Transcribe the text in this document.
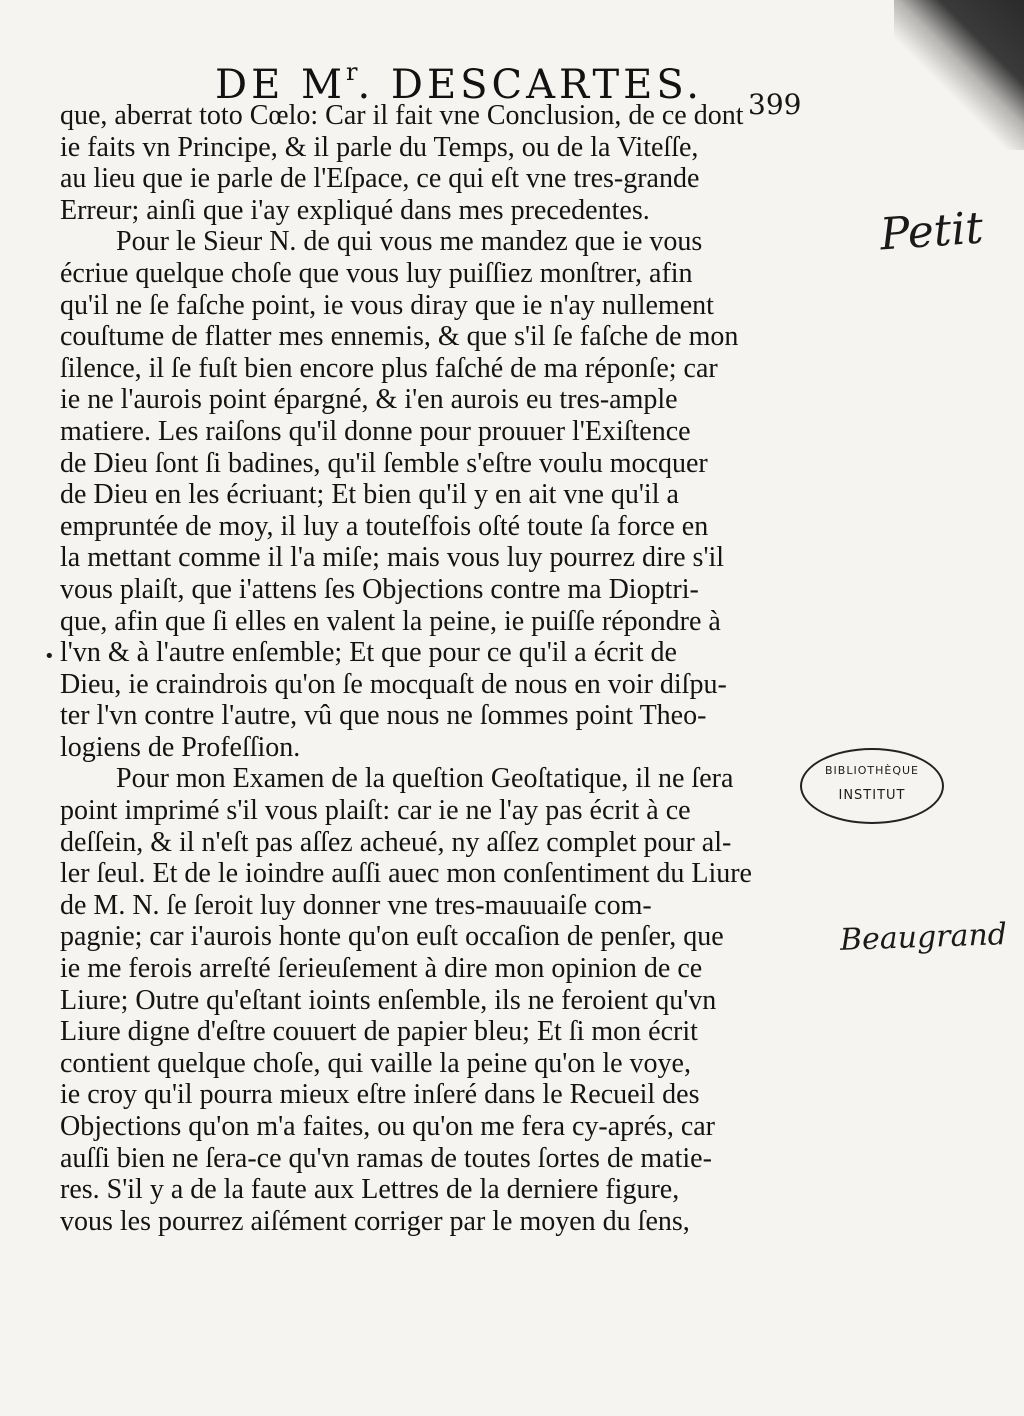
DE $M^r$. DESCARTES. 399
que, aberrat toto Cœlo: Car il fait vne Conclusion, de ce dont
ie faits vn Principe, & il parle du Temps, ou de la Viteſſe,
au lieu que ie parle de l'Eſpace, ce qui eſt vne tres-grande
Erreur; ainſi que i'ay expliqué dans mes precedentes.
Pour le Sieur N. de qui vous me mandez que ie vous
écriue quelque choſe que vous luy puiſſiez monſtrer, afin
qu'il ne ſe faſche point, ie vous diray que ie n'ay nullement
couſtume de flatter mes ennemis, & que s'il ſe faſche de mon
ſilence, il ſe fuſt bien encore plus faſché de ma réponſe; car
ie ne l'aurois point épargné, & i'en aurois eu tres-ample
matiere. Les raiſons qu'il donne pour prouuer l'Exiſtence
de Dieu ſont ſi badines, qu'il ſemble s'eſtre voulu mocquer
de Dieu en les écriuant; Et bien qu'il y en ait vne qu'il a
empruntée de moy, il luy a touteſfois oſté toute ſa force en
la mettant comme il l'a miſe; mais vous luy pourrez dire s'il
vous plaiſt, que i'attens ſes Objections contre ma Dioptri-
que, afin que ſi elles en valent la peine, ie puiſſe répondre à
l'vn & à l'autre enſemble; Et que pour ce qu'il a écrit de
Dieu, ie craindrois qu'on ſe mocquaſt de nous en voir diſpu-
ter l'vn contre l'autre, vû que nous ne ſommes point Theo-
logiens de Profeſſion.
Pour mon Examen de la queſtion Geoſtatique, il ne ſera
point imprimé s'il vous plaiſt: car ie ne l'ay pas écrit à ce
deſſein, & il n'eſt pas aſſez acheué, ny aſſez complet pour al-
ler ſeul. Et de le ioindre auſſi auec mon conſentiment du Liure
de M. N. ſe ſeroit luy donner vne tres-mauuaiſe com-
pagnie; car i'aurois honte qu'on euſt occaſion de penſer, que
ie me ferois arreſté ſerieuſement à dire mon opinion de ce
Liure; Outre qu'eſtant ioints enſemble, ils ne feroient qu'vn
Liure digne d'eſtre couuert de papier bleu; Et ſi mon écrit
contient quelque choſe, qui vaille la peine qu'on le voye,
ie croy qu'il pourra mieux eſtre inſeré dans le Recueil des
Objections qu'on m'a faites, ou qu'on me fera cy-aprés, car
auſſi bien ne ſera-ce qu'vn ramas de toutes ſortes de matie-
res. S'il y a de la faute aux Lettres de la derniere figure,
vous les pourrez aiſément corriger par le moyen du ſens,
•
Petit
Beaugrand
BIBLIOTHÈQUE
INSTITUT
